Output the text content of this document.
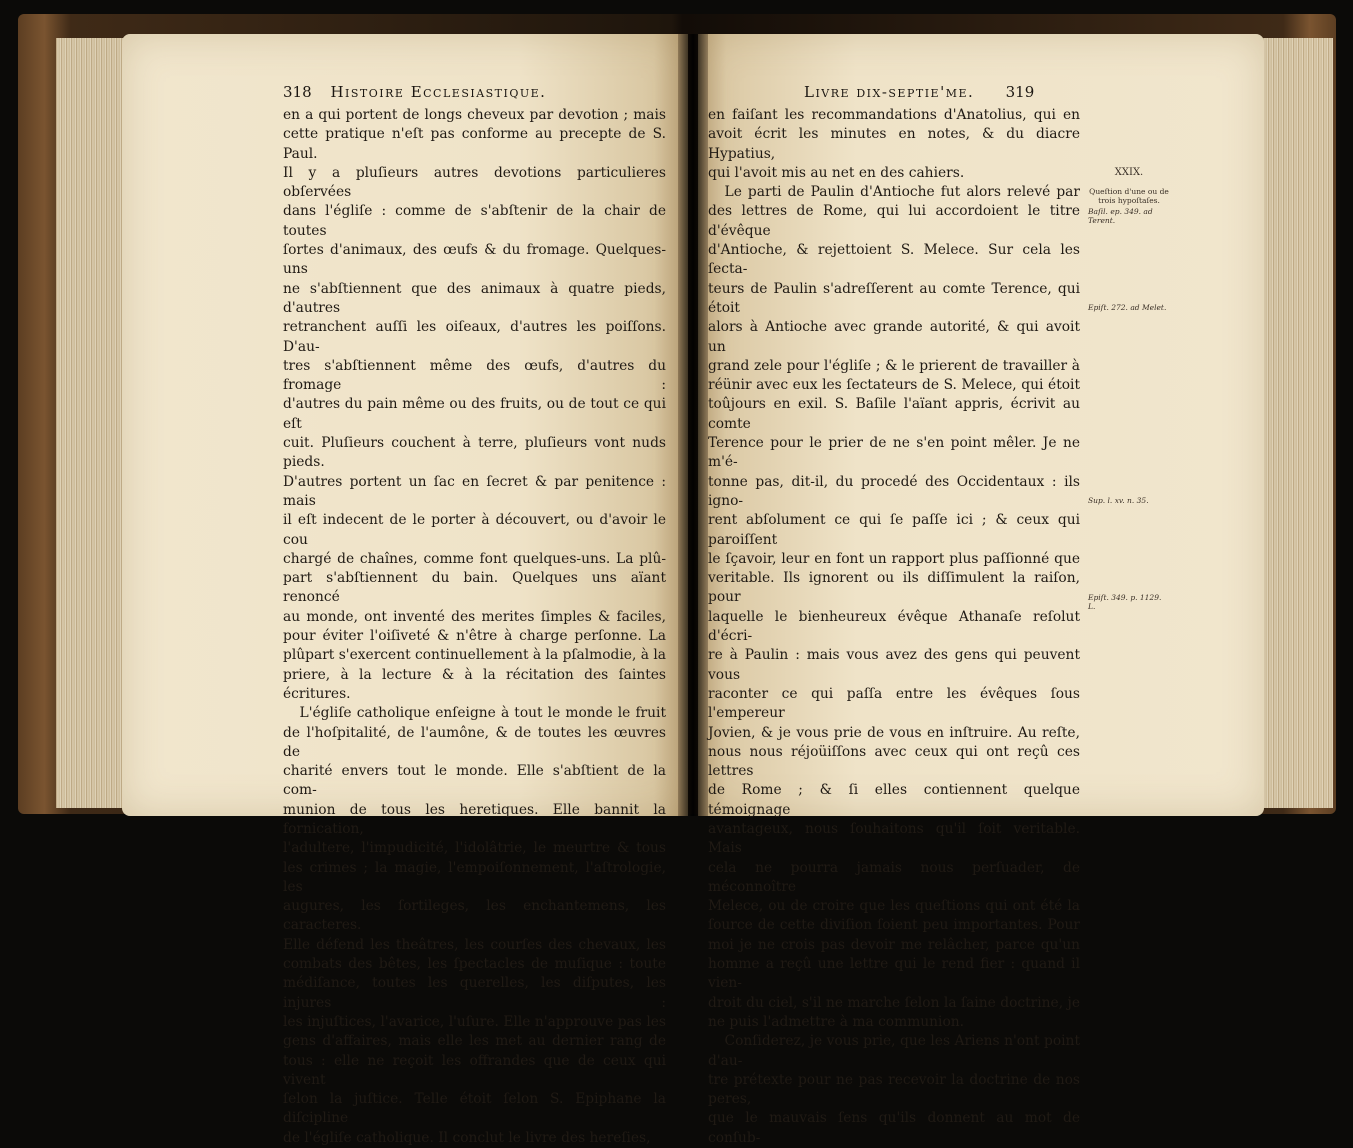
318 Histoire Ecclesiastique.	Livre dix-septie'me. 319

en a qui portent de longs cheveux par devotion ; mais

cette pratique n'eſt pas conforme au precepte de S. Paul.

Il y a pluſieurs autres devotions particulieres obſervées

dans l'égliſe : comme de s'abſtenir de la chair de toutes

ſortes d'animaux, des œufs & du fromage. Quelques-uns

ne s'abſtiennent que des animaux à quatre pieds, d'autres

retranchent auſſi les oiſeaux, d'autres les poiſſons. D'au-

tres s'abſtiennent même des œufs, d'autres du fromage :

d'autres du pain même ou des fruits, ou de tout ce qui eſt

cuit. Pluſieurs couchent à terre, pluſieurs vont nuds pieds.

D'autres portent un ſac en ſecret & par penitence : mais

il eſt indecent de le porter à découvert, ou d'avoir le cou

chargé de chaînes, comme font quelques-uns. La plû-

part s'abſtiennent du bain. Quelques uns aïant renoncé

au monde, ont inventé des merites ſimples & faciles,

pour éviter l'oiſiveté & n'être à charge perſonne. La

plûpart s'exercent continuellement à la pſalmodie, à la

priere, à la lecture & à la récitation des ſaintes écritures.

L'égliſe catholique enſeigne à tout le monde le fruit

de l'hoſpitalité, de l'aumône, & de toutes les œuvres de

charité envers tout le monde. Elle s'abſtient de la com-

munion de tous les heretiques. Elle bannit la fornication,

l'adultere, l'impudicité, l'idolâtrie, le meurtre & tous

les crimes ; la magie, l'empoiſonnement, l'aſtrologie, les

augures, les ſortileges, les enchantemens, les caracteres.

Elle défend les theâtres, les courſes des chevaux, les

combats des bêtes, les ſpectacles de muſique : toute

médiſance, toutes les querelles, les diſputes, les injures :

les injuſtices, l'avarice, l'uſure. Elle n'approuve pas les

gens d'affaires, mais elle les met au dernier rang de

tous : elle ne reçoit les offrandes que de ceux qui vivent

ſelon la juſtice. Telle étoit ſelon S. Epiphane la diſcipline

de l'égliſe catholique. Il conclut le livre des hereſies,

en faiſant les recommandations d'Anatolius, qui en

avoit écrit les minutes en notes, & du diacre Hypatius,

qui l'avoit mis au net en des cahiers.

Le parti de Paulin d'Antioche fut alors relevé par

des lettres de Rome, qui lui accordoient le titre d'évêque

d'Antioche, & rejettoient S. Melece. Sur cela les ſecta-

teurs de Paulin s'adreſſerent au comte Terence, qui étoit

alors à Antioche avec grande autorité, & qui avoit un

grand zele pour l'égliſe ; & le prierent de travailler à

réünir avec eux les ſectateurs de S. Melece, qui étoit

toûjours en exil. S. Baſile l'aïant appris, écrivit au comte

Terence pour le prier de ne s'en point mêler. Je ne m'é-

tonne pas, dit-il, du procedé des Occidentaux : ils igno-

rent abſolument ce qui ſe paſſe ici ; & ceux qui paroiſſent

le ſçavoir, leur en font un rapport plus paſſionné que

veritable. Ils ignorent ou ils diſſimulent la raiſon, pour

laquelle le bienheureux évêque Athanaſe reſolut d'écri-

re à Paulin : mais vous avez des gens qui peuvent vous

raconter ce qui paſſa entre les évêques ſous l'empereur

Jovien, & je vous prie de vous en inſtruire. Au reſte,

nous nous réjoüiſſons avec ceux qui ont reçû ces lettres

de Rome ; & ſi elles contiennent quelque témoignage

avantageux, nous ſouhaitons qu'il ſoit veritable. Mais

cela ne pourra jamais nous perſuader, de méconnoître

Melece, ou de croire que les queſtions qui ont été la

ſource de cette diviſion ſoient peu importantes. Pour

moi je ne crois pas devoir me relâcher, parce qu'un

homme a reçû une lettre qui le rend fier : quand il vien-

droit du ciel, s'il ne marche ſelon la ſaine doctrine, je

ne puis l'admettre à ma communion.

Conſiderez, je vous prie, que les Ariens n'ont point d'au-

tre prétexte pour ne pas recevoir la doctrine de nos peres,

que le mauvais ſens qu'ils donnent au mot de conſub-

XXIX.
Queſtion d'une ou de trois hypoſtaſes.
Baſil. ep. 349. ad Terent.
Epiſt. 272. ad Melet.
Sup. l. xv. n. 35.
Epiſt. 349. p. 1129. L.
